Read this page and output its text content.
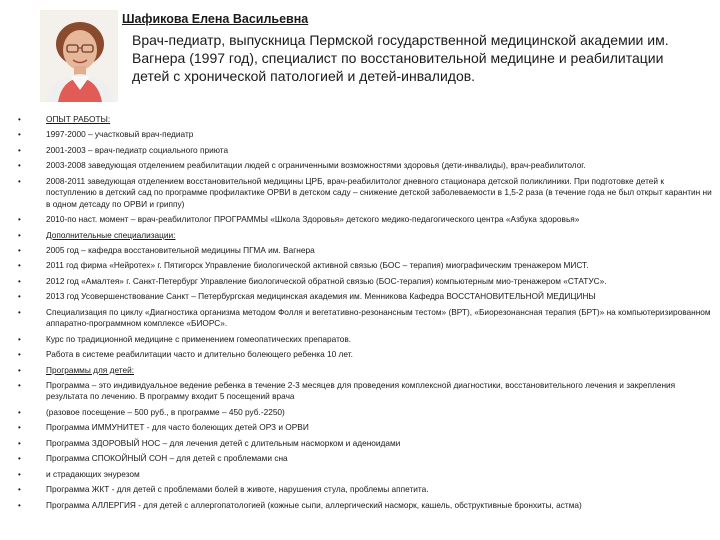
Шафикова Елена Васильевна
Врач-педиатр, выпускница Пермской государственной медицинской академии им. Вагнера (1997 год), специалист по восстановительной медицине и реабилитации детей с хронической патологией и детей-инвалидов.
•	ОПЫТ РАБОТЫ:
•	1997-2000 – участковый врач-педиатр
•	2001-2003 – врач-педиатр социального приюта
•	2003-2008 заведующая отделением реабилитации людей с ограниченными возможностями здоровья (дети-инвалиды), врач-реабилитолог.
•	2008-2011 заведующая отделением восстановительной медицины ЦРБ, врач-реабилитолог дневного стационара детской поликлиники. При подготовке детей к поступлению в детский сад по программе профилактике ОРВИ в детском саду – снижение детской заболеваемости в 1,5-2 раза (в течение года не был открыт карантин ни в одном детсаду по ОРВИ и гриппу)
•	2010-по наст. момент – врач-реабилитолог ПРОГРАММЫ «Школа Здоровья» детского медико-педагогического центра «Азбука здоровья»
•	Дополнительные специализации:
•	2005 год – кафедра восстановительной медицины ПГМА им. Вагнера
•	2011 год фирма «Нейротех» г. Пятигорск Управление биологической активной связью (БОС – терапия) миографическим тренажером МИСТ.
•	2012 год «Амалтея» г. Санкт-Петербург Управление биологической обратной связью (БОС-терапия) компьютерным мио-тренажером «СТАТУС».
•	2013 год Усовершенствование Санкт – Петербургская медицинская академия им. Менникова Кафедра ВОССТАНОВИТЕЛЬНОЙ МЕДИЦИНЫ
•	Специализация по циклу «Диагностика организма методом Фолля и вегетативно-резонансным тестом» (ВРТ), «Биорезонансная терапия (БРТ)» на компьютеризированном аппаратно-программном комплексе «БИОРС».
•	Курс по традиционной медицине с применением гомеопатических препаратов.
•	Работа в системе реабилитации часто и длительно болеющего ребенка 10 лет.
•	Программы для детей:
•	Программа – это индивидуальное ведение ребенка в течение 2-3 месяцев для проведения комплексной диагностики, восстановительного лечения и закрепления результата по лечению. В программу входит 5 посещений врача
•	(разовое посещение – 500 руб., в программе – 450 руб.-2250)
•	Программа ИММУНИТЕТ - для часто болеющих детей ОРЗ и ОРВИ
•	Программа ЗДОРОВЫЙ НОС – для лечения детей с длительным насморком и аденоидами
•	Программа СПОКОЙНЫЙ СОН – для детей с проблемами сна
•	и страдающих энурезом
•	Программа ЖКТ - для детей с проблемами болей в животе, нарушения стула, проблемы аппетита.
•	Программа АЛЛЕРГИЯ - для детей с аллергопатологией (кожные сыпи, аллергический насморк, кашель, обструктивные бронхиты, астма)
